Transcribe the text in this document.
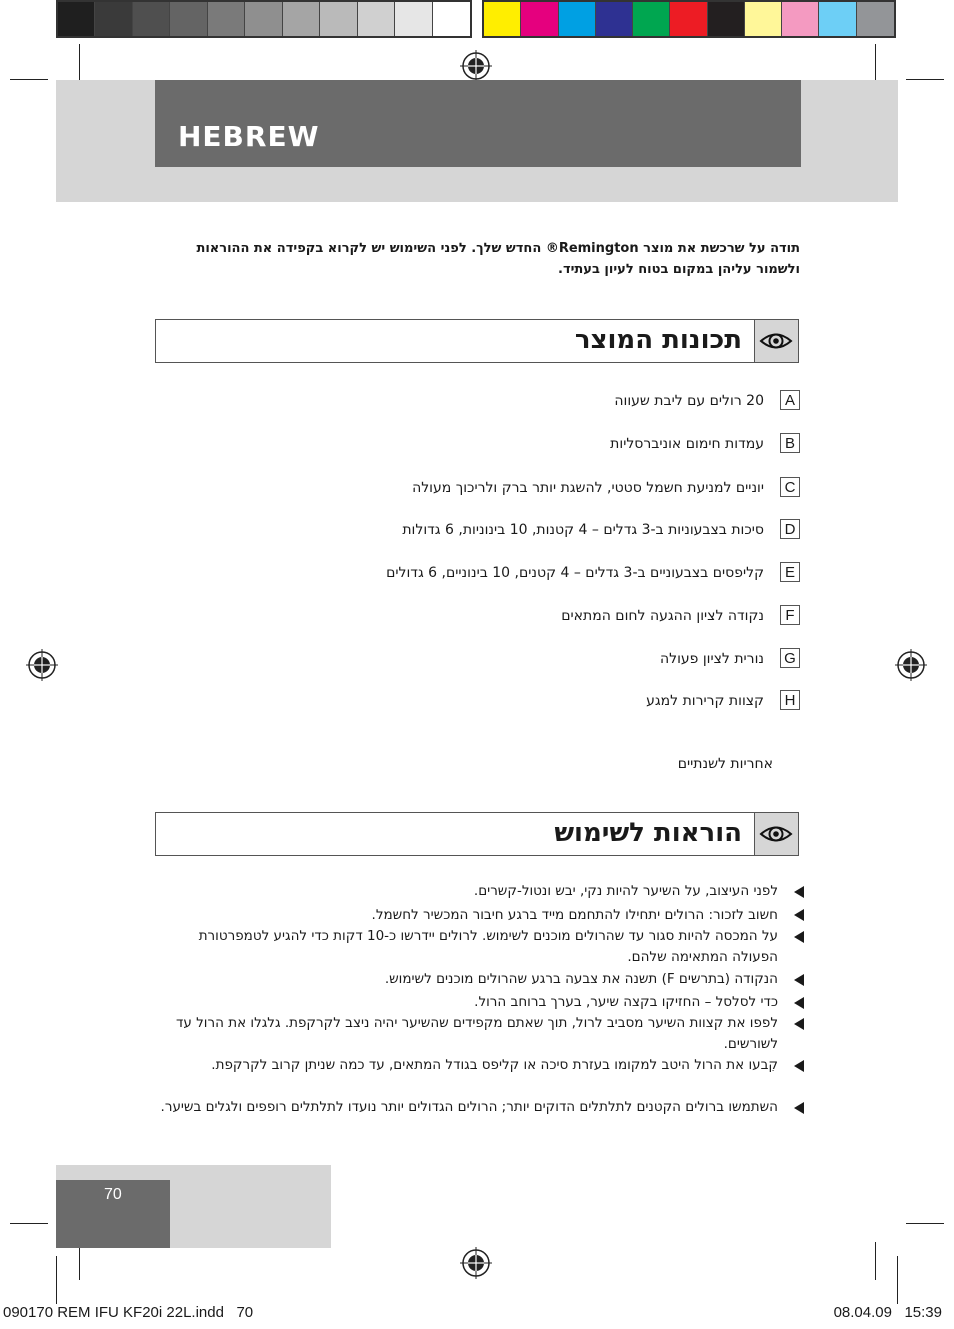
HEBREW
תודה על שרכשת את מוצר Remington® החדש שלך. לפני השימוש יש לקרוא בקפידה את ההוראות ולשמור עליהן במקום בטוח לעיון בעתיד.
תכונות המוצר
A
20 רולים עם ליבת שעווה
B
עמדות חימום אוניברסליות
C
יוניים למניעת חשמל סטטי, להשגת יותר ברק ולריכוך מעולה
D
סיכות בצבעוניות ב-3 גדלים – 4 קטנות, 10 בינוניות, 6 גדולות
E
קליפסים בצבעוניים ב-3 גדלים – 4 קטנים, 10 בינוניים, 6 גדולים
F
נקודה לציון ההגעה לחום המתאים
G
נורית לציון פעולה
H
קצוות קרירות למגע
אחריות לשנתיים
הוראות לשימוש
לפני העיצוב, על השיער להיות נקי, יבש ונטול-קשרים.
חשוב לזכור: הרולים יתחילו להתחמם מייד ברגע חיבור המכשיר לחשמל.
על המכסה להיות סגור עד שהרולים מוכנים לשימוש. לרולים יידרשו כ-10 דקות כדי להגיע לטמפרטורת הפעולה המתאימה שלהם.
הנקודה (בתרשים F) תשנה את צבעה ברגע שהרולים מוכנים לשימוש.
כדי לסלסל – החזיקו בקצה שיער, בערך ברוחב הרול.
לפפו את קצוות השיער מסביב לרול, תוך שאתם מקפידים שהשיער יהיה ניצב לקרקפת. גלגלו את הרול עד לשורשים.
קִבעו את הרול היטב למקומו בעזרת סיכה או קליפס בגודל המתאים, עד כמה שניתן קרוב לקרקפת.
השתמשו ברולים הקטנים לתלתלים הדוקים יותר; הרולים הגדולים יותר נועדו לתלתלים רופפים ולגלים בשיער.
70
090170 REM IFU KF20i 22L.indd   70	08.04.09   15:39
